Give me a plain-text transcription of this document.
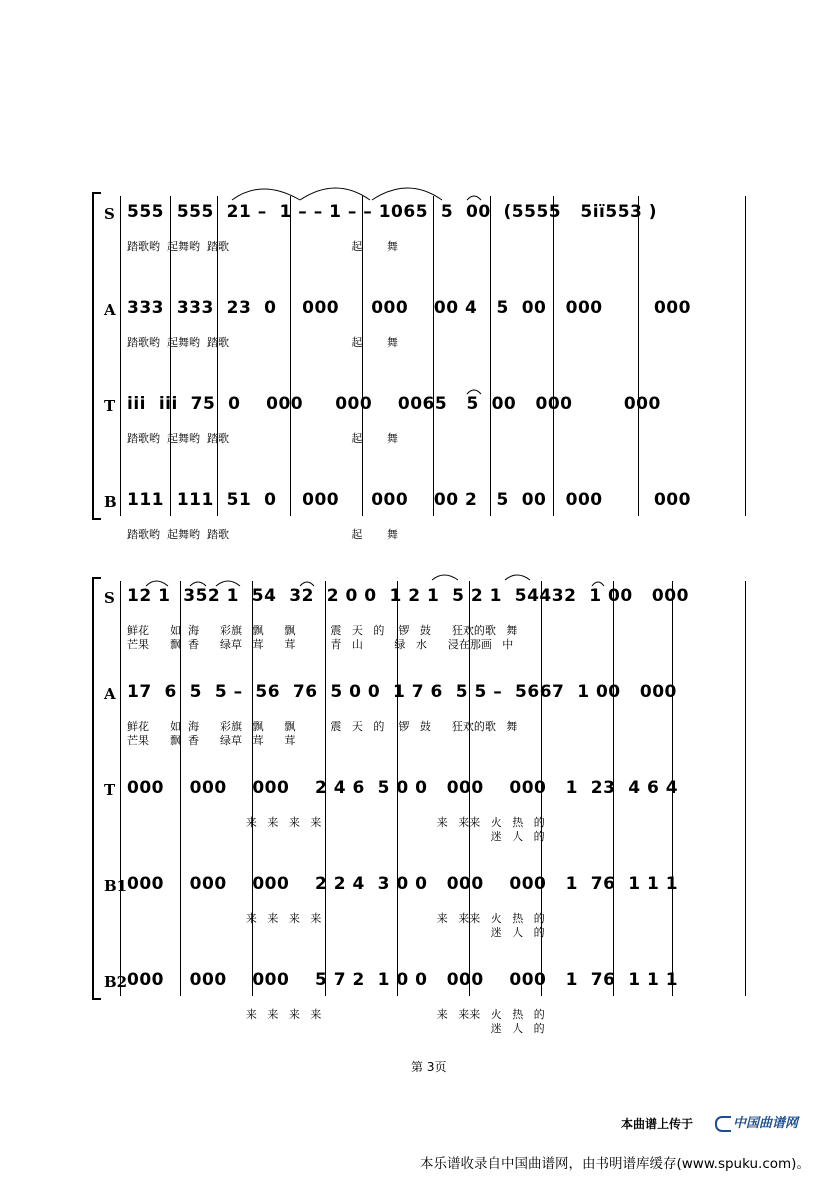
S 555  555  21 –  1 – – 1 – – 1065  5  00  (5555   5iï553 )
踏歌哟  起舞哟  踏歌                                   起       舞
A 333  333  23  0    000     000    00 4   5  00   000        000
踏歌哟  起舞哟  踏歌                                   起       舞
T iii  iii  75  0    000     000    0065   5  00   000        000
踏歌哟  起舞哟  踏歌                                   起       舞
B 111  111  51  0    000     000    00 2   5  00   000        000
踏歌哟  起舞哟  踏歌                                   起       舞
S 12 1  352 1  54  32  2 0 0  1 2 1  5 2 1  54432  1 00   000
鲜花      如  海      彩旗   飘      飘          震   天   的    锣   鼓      狂欢的歌   舞
芒果      飘  香      绿草   茸      茸          青   山         绿   水      浸在那画   中
A 17  6  5  5 –  56  76  5 0 0  1 7 6  5 5 –  5667  1 00   000
鲜花      如  海      彩旗   飘      飘          震   天   的    锣   鼓      狂欢的歌   舞
芒果      飘  香      绿草   茸      茸
T 000    000    000    2 4 6  5 0 0   000    000   1  23  4 6 4
来   来   来   来                                 来   来来   火   热   的
迷   人   的
B1 000    000    000    2 2 4  3 0 0   000    000   1  76  1 1 1
来   来   来   来                                 来   来来   火   热   的
迷   人   的
B2 000    000    000    5 7 2  1 0 0   000    000   1  76  1 1 1
来   来   来   来                                 来   来来   火   热   的
迷   人   的
第 3页
本曲谱上传于	中国曲谱网
本乐谱收录自中国曲谱网，由书明谱库缓存(www.spuku.com)。
